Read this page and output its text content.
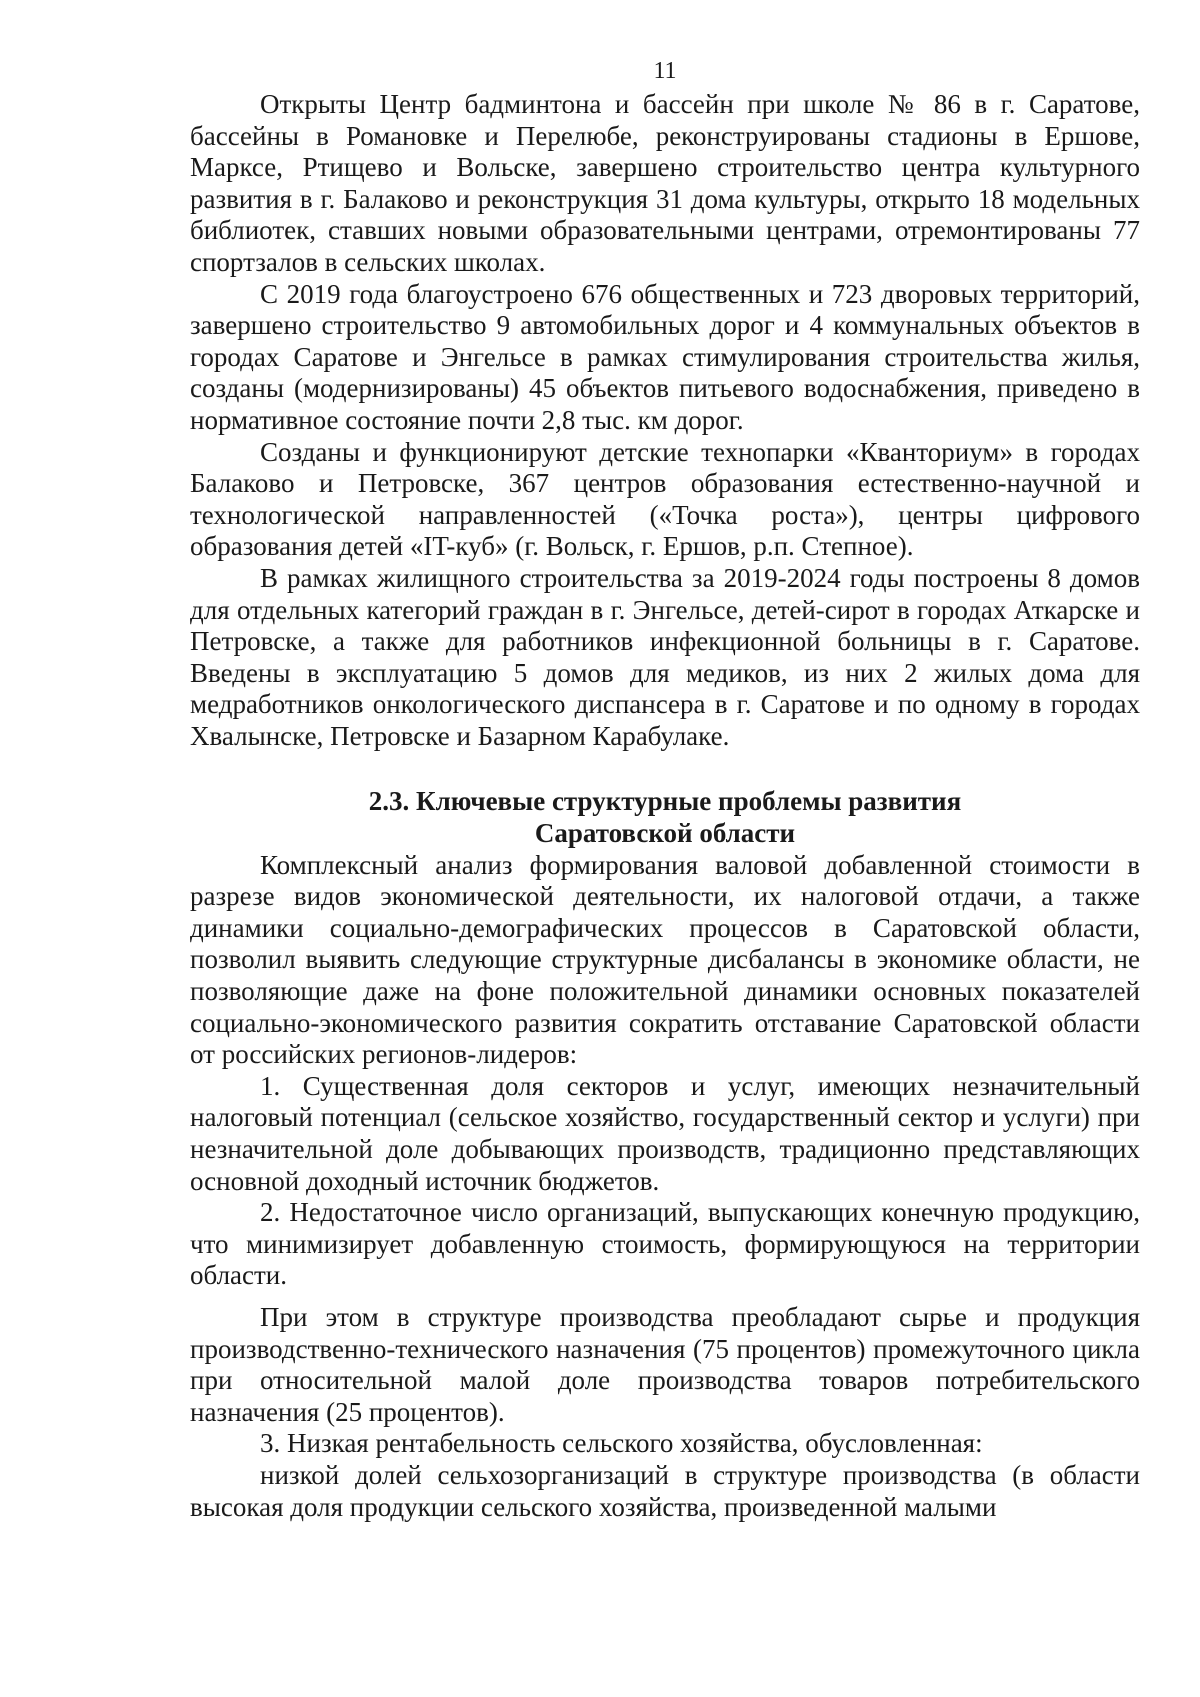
11

Открыты Центр бадминтона и бассейн при школе № 86 в г. Саратове, бассейны в Романовке и Перелюбе, реконструированы стадионы в Ершове, Марксе, Ртищево и Вольске, завершено строительство центра культурного развития в г. Балаково и реконструкция 31 дома культуры, открыто 18 модельных библиотек, ставших новыми образовательными центрами, отремонтированы 77 спортзалов в сельских школах.

С 2019 года благоустроено 676 общественных и 723 дворовых территорий, завершено строительство 9 автомобильных дорог и 4 коммунальных объектов в городах Саратове и Энгельсе в рамках стимулирования строительства жилья, созданы (модернизированы) 45 объектов питьевого водоснабжения, приведено в нормативное состояние почти 2,8 тыс. км дорог.

Созданы и функционируют детские технопарки «Кванториум» в городах Балаково и Петровске, 367 центров образования естественно-научной и технологической направленностей («Точка роста»), центры цифрового образования детей «IT-куб» (г. Вольск, г. Ершов, р.п. Степное).

В рамках жилищного строительства за 2019-2024 годы построены 8 домов для отдельных категорий граждан в г. Энгельсе, детей-сирот в городах Аткарске и Петровске, а также для работников инфекционной больницы в г. Саратове. Введены в эксплуатацию 5 домов для медиков, из них 2 жилых дома для медработников онкологического диспансера в г. Саратове и по одному в городах Хвалынске, Петровске и Базарном Карабулаке.

2.3. Ключевые структурные проблемы развития
Саратовской области

Комплексный анализ формирования валовой добавленной стоимости в разрезе видов экономической деятельности, их налоговой отдачи, а также динамики социально-демографических процессов в Саратовской области, позволил выявить следующие структурные дисбалансы в экономике области, не позволяющие даже на фоне положительной динамики основных показателей социально-экономического развития сократить отставание Саратовской области от российских регионов-лидеров:

1. Существенная доля секторов и услуг, имеющих незначительный налоговый потенциал (сельское хозяйство, государственный сектор и услуги) при незначительной доле добывающих производств, традиционно представляющих основной доходный источник бюджетов.

2. Недостаточное число организаций, выпускающих конечную продукцию, что минимизирует добавленную стоимость, формирующуюся на территории области.

При этом в структуре производства преобладают сырье и продукция производственно-технического назначения (75 процентов) промежуточного цикла при относительной малой доле производства товаров потребительского назначения (25 процентов).

3. Низкая рентабельность сельского хозяйства, обусловленная:

низкой долей сельхозорганизаций в структуре производства (в области высокая доля продукции сельского хозяйства, произведенной малыми
